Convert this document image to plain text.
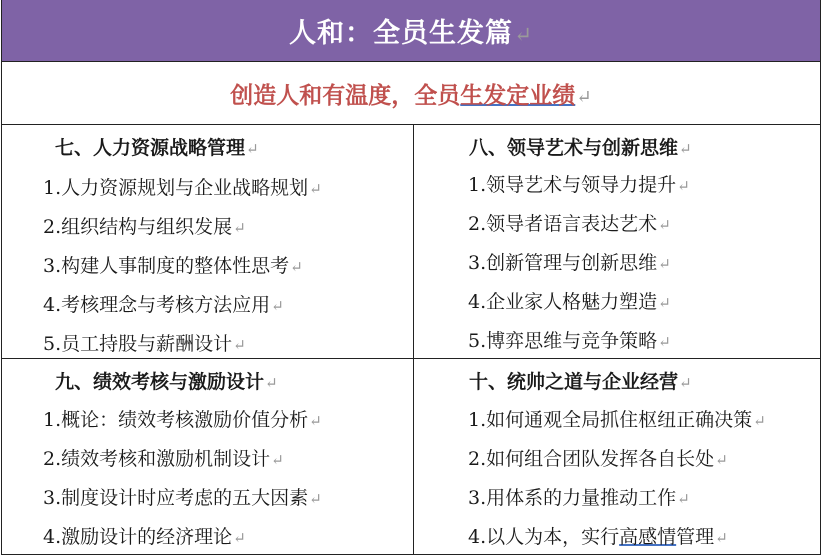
人和：全员生发篇↵
创造人和有温度，全员生发定业绩↵
七、人力资源战略管理↵
1.人力资源规划与企业战略规划↵
2.组织结构与组织发展↵
3.构建人事制度的整体性思考↵
4.考核理念与考核方法应用↵
5.员工持股与薪酬设计↵
八、领导艺术与创新思维↵
1.领导艺术与领导力提升↵
2.领导者语言表达艺术↵
3.创新管理与创新思维↵
4.企业家人格魅力塑造↵
5.博弈思维与竞争策略↵
九、绩效考核与激励设计↵
1.概论：绩效考核激励价值分析↵
2.绩效考核和激励机制设计↵
3.制度设计时应考虑的五大因素↵
4.激励设计的经济理论↵
十、统帅之道与企业经营↵
1.如何通观全局抓住枢纽正确决策↵
2.如何组合团队发挥各自长处↵
3.用体系的力量推动工作↵
4.以人为本，实行高感情管理↵
